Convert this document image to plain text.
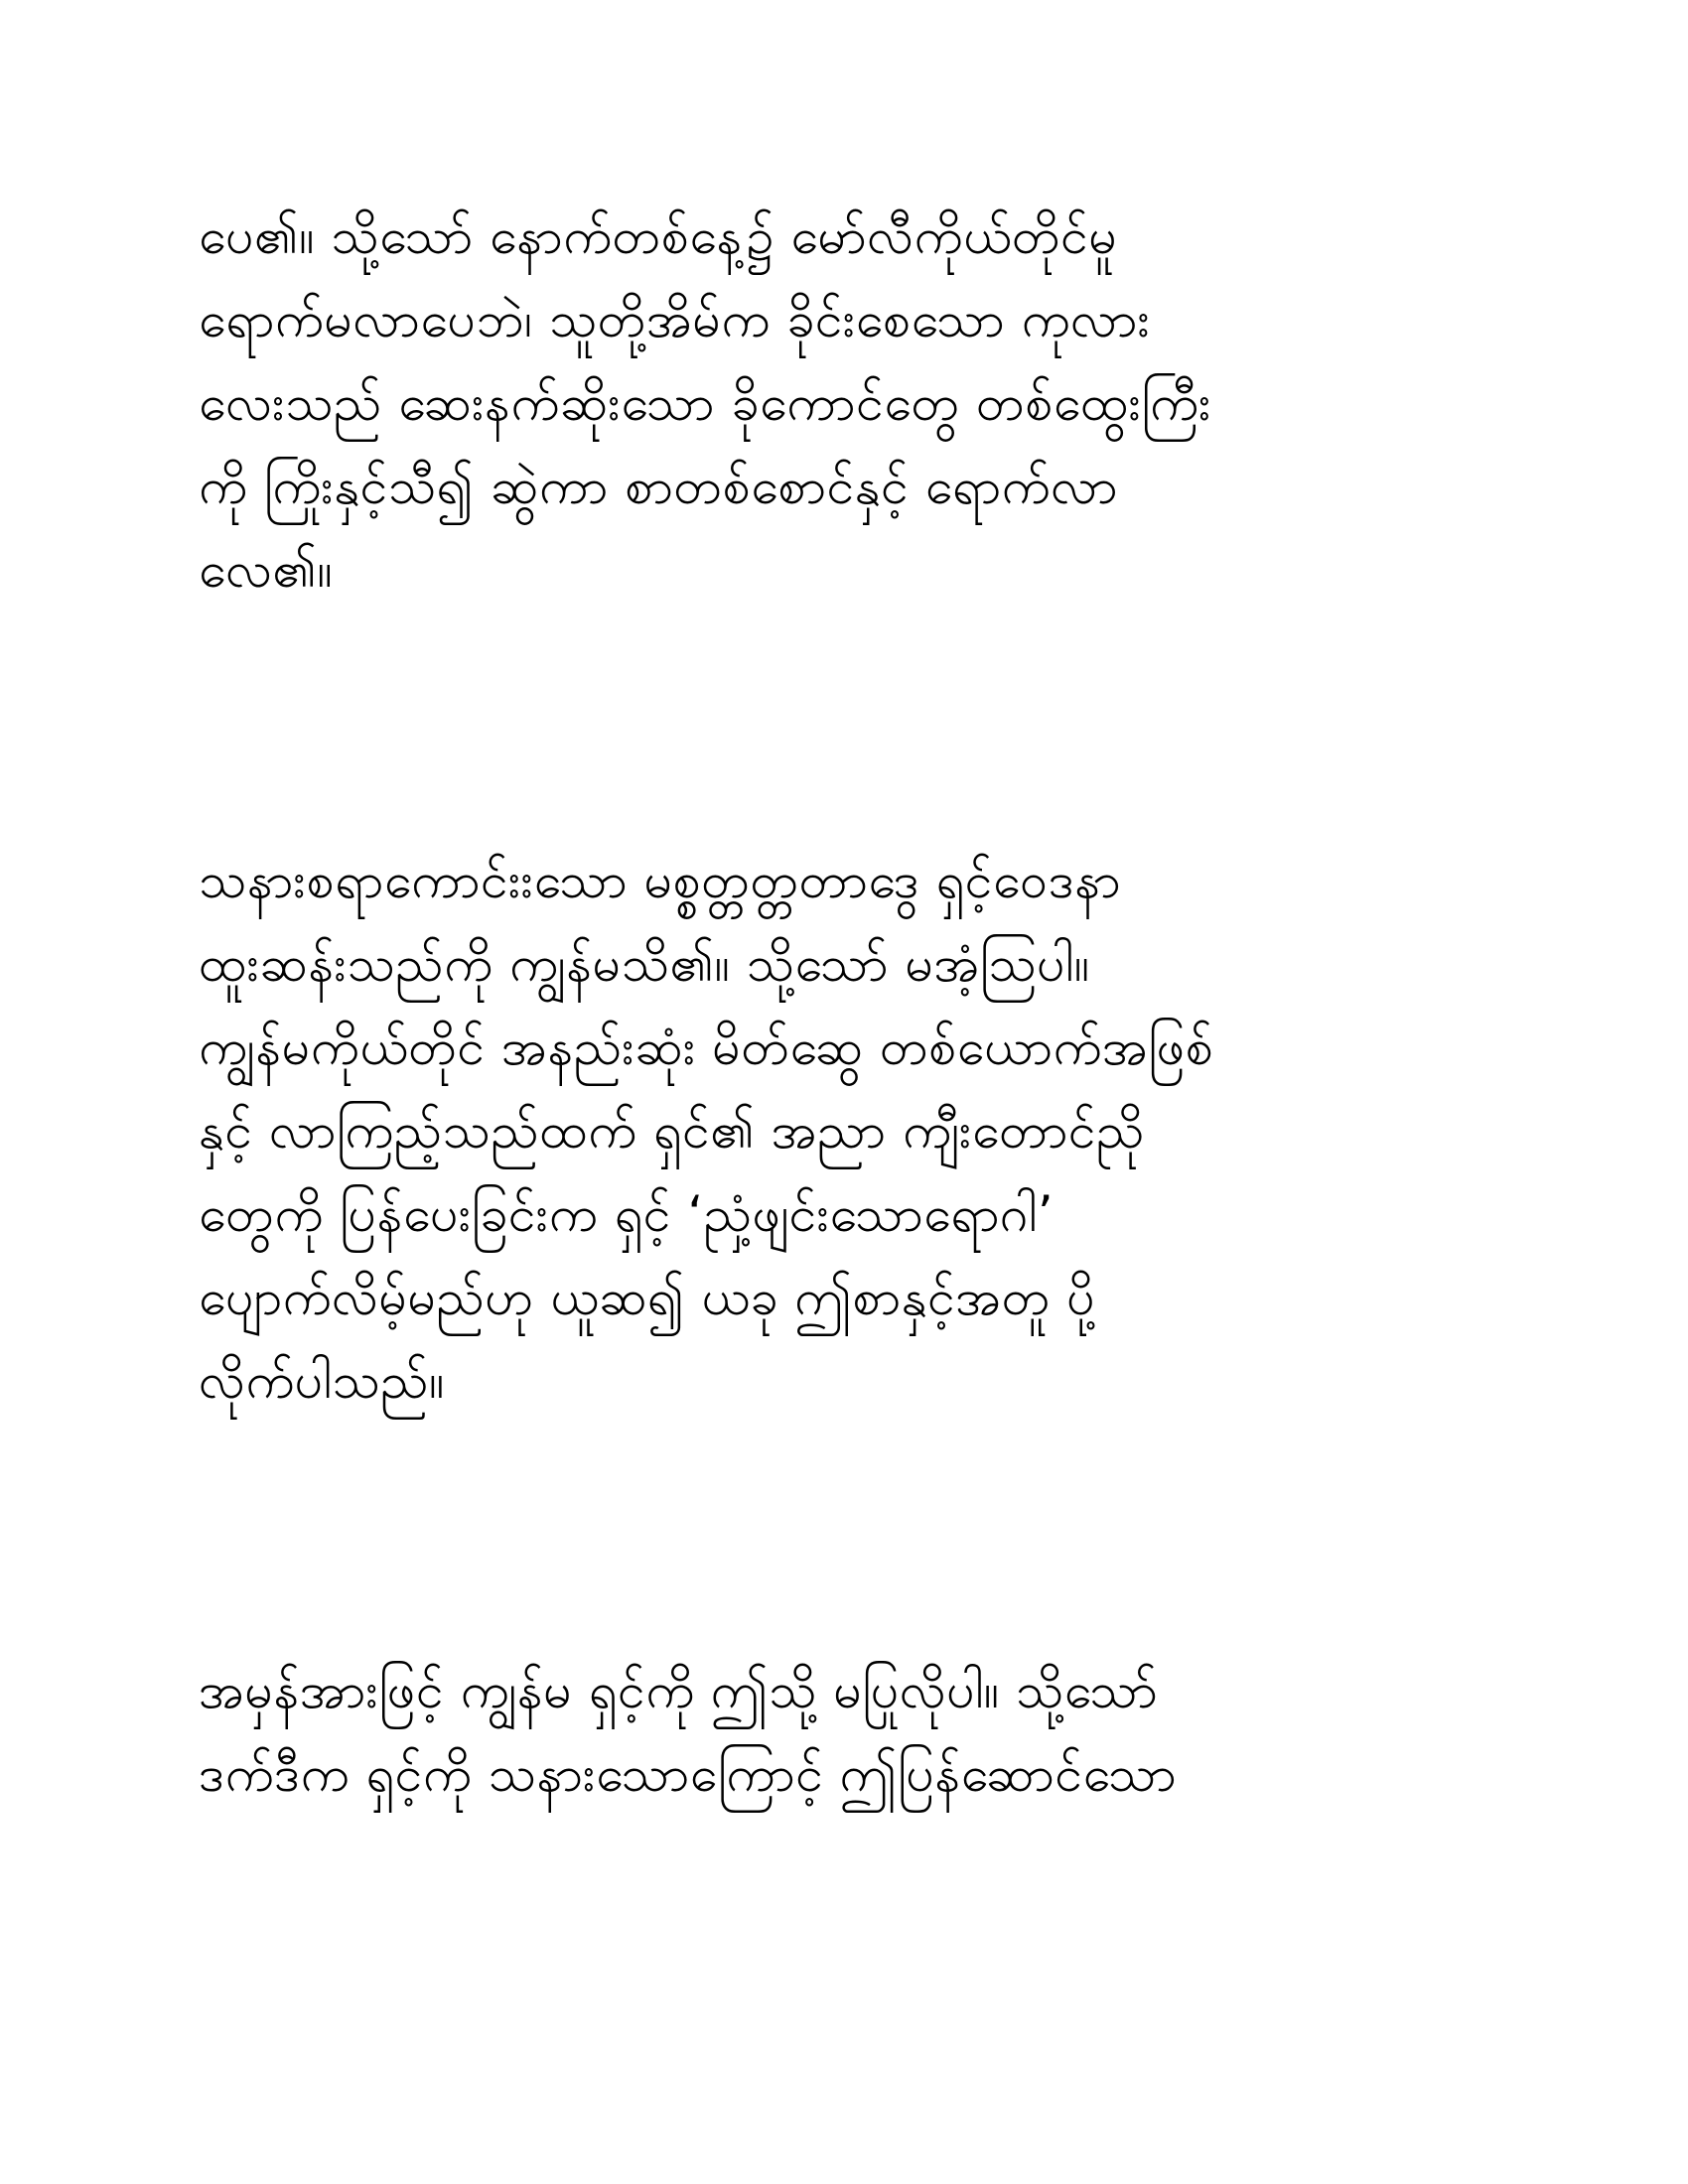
ပေ၏။ သို့သော် နောက်တစ်နေ့၌ မော်လီကိုယ်တိုင်မူ
ရောက်မလာပေဘဲ၊ သူတို့အိမ်က ခိုင်းစေသော ကုလား
လေးသည် ဆေးနက်ဆိုးသော ခိုကောင်တွေ တစ်ထွေးကြီး
ကို ကြိုးနှင့်သီ၍ ဆွဲကာ စာတစ်စောင်နှင့် ရောက်လာ
လေ၏။
သနားစရာကောင်းးသော မစ္စတ္တတ္တတာဒွေ ရှင့်ဝေဒနာ
ထူးဆန်းသည်ကို ကျွန်မသိ၏။ သို့သော် မအံ့သြပါ။
ကျွန်မကိုယ်တိုင် အနည်းဆုံး မိတ်ဆွေ တစ်ယောက်အဖြစ်
နှင့် လာကြည့်သည်ထက် ရှင်၏ အညာ ကျီးတောင်ညို
တွေကို ပြန်ပေးခြင်းက ရှင့် ‘ညှံ့ဖျင်းသောရောဂါ’
ပျောက်လိမ့်မည်ဟု ယူဆ၍ ယခု ဤစာနှင့်အတူ ပို့
လိုက်ပါသည်။
အမှန်အားဖြင့် ကျွန်မ ရှင့်ကို ဤသို့ မပြုလိုပါ။ သို့သော်
ဒက်ဒီက ရှင့်ကို သနားသောကြောင့် ဤပြန်ဆောင်သော
